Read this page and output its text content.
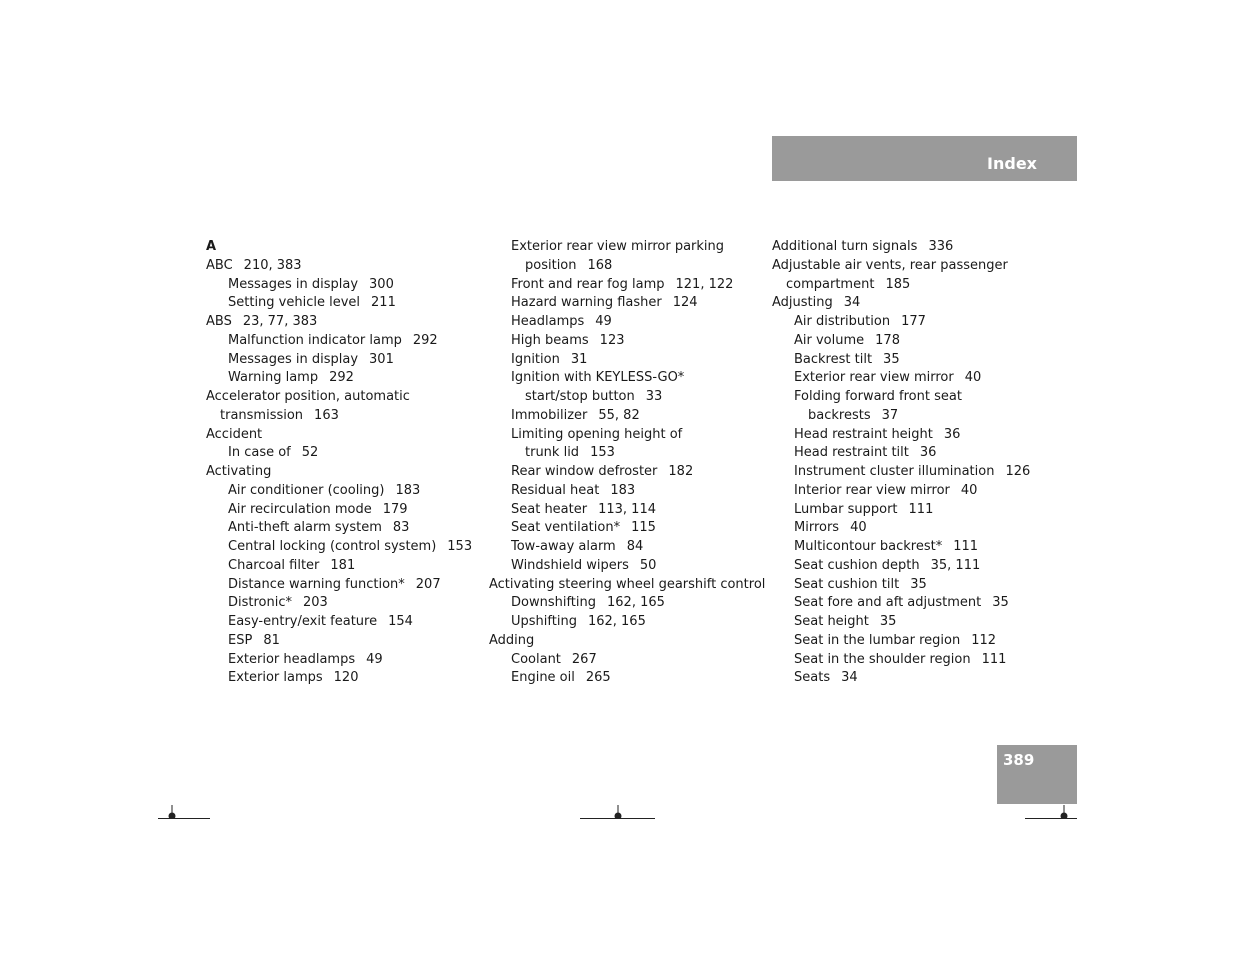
Index
A
ABC 210, 383
Messages in display 300
Setting vehicle level 211
ABS 23, 77, 383
Malfunction indicator lamp 292
Messages in display 301
Warning lamp 292
Accelerator position, automatic
transmission 163
Accident
In case of 52
Activating
Air conditioner (cooling) 183
Air recirculation mode 179
Anti-theft alarm system 83
Central locking (control system) 153
Charcoal filter 181
Distance warning function* 207
Distronic* 203
Easy-entry/exit feature 154
ESP 81
Exterior headlamps 49
Exterior lamps 120
Exterior rear view mirror parking
position 168
Front and rear fog lamp 121, 122
Hazard warning flasher 124
Headlamps 49
High beams 123
Ignition 31
Ignition with KEYLESS-GO*
start/stop button 33
Immobilizer 55, 82
Limiting opening height of
trunk lid 153
Rear window defroster 182
Residual heat 183
Seat heater 113, 114
Seat ventilation* 115
Tow-away alarm 84
Windshield wipers 50
Activating steering wheel gearshift control
Downshifting 162, 165
Upshifting 162, 165
Adding
Coolant 267
Engine oil 265
Additional turn signals 336
Adjustable air vents, rear passenger
compartment 185
Adjusting 34
Air distribution 177
Air volume 178
Backrest tilt 35
Exterior rear view mirror 40
Folding forward front seat
backrests 37
Head restraint height 36
Head restraint tilt 36
Instrument cluster illumination 126
Interior rear view mirror 40
Lumbar support 111
Mirrors 40
Multicontour backrest* 111
Seat cushion depth 35, 111
Seat cushion tilt 35
Seat fore and aft adjustment 35
Seat height 35
Seat in the lumbar region 112
Seat in the shoulder region 111
Seats 34
389
